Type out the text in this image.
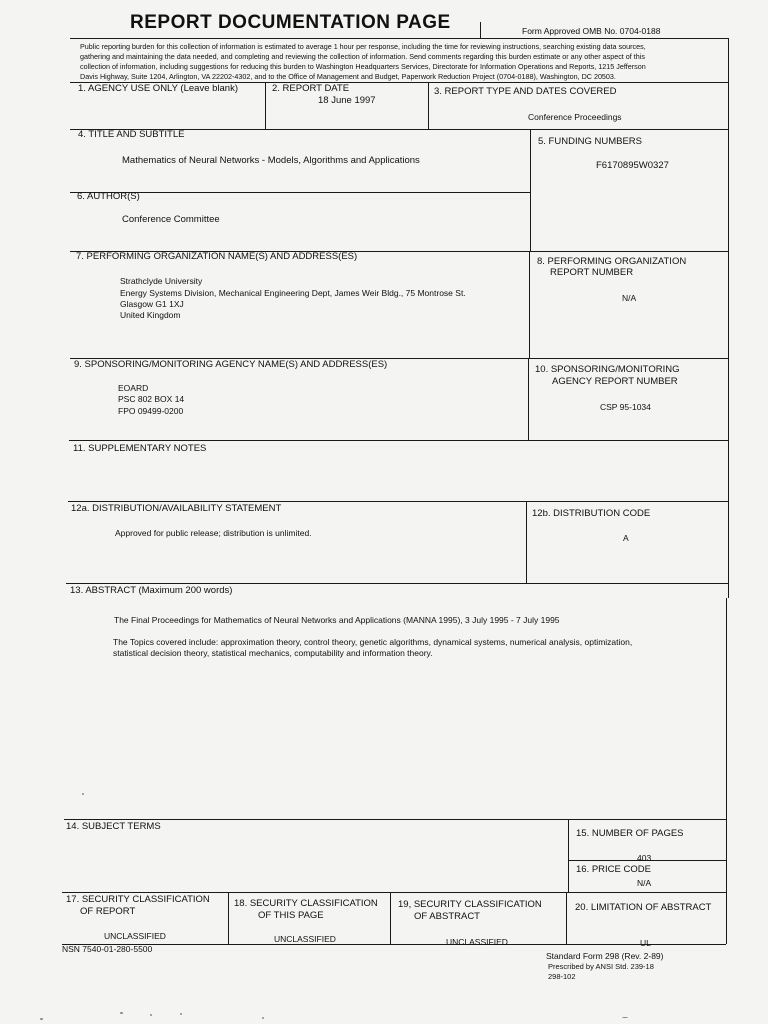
REPORT DOCUMENTATION PAGE	Form Approved OMB No. 0704-0188
Public reporting burden for this collection of information is estimated to average 1 hour per response, including the time for reviewing instructions, searching existing data sources,
gathering and maintaining the data needed, and completing and reviewing the collection of information. Send comments regarding this burden estimate or any other aspect of this
collection of information, including suggestions for reducing this burden to Washington Headquarters Services, Directorate for Information Operations and Reports, 1215 Jefferson
Davis Highway, Suite 1204, Arlington, VA 22202-4302, and to the Office of Management and Budget, Paperwork Reduction Project (0704-0188), Washington, DC 20503.
1. AGENCY USE ONLY (Leave blank)	2. REPORT DATE
18 June 1997
3. REPORT TYPE AND DATES COVERED
Conference Proceedings
4. TITLE AND SUBTITLE
Mathematics of Neural Networks - Models, Algorithms and Applications
5. FUNDING NUMBERS
F6170895W0327
6. AUTHOR(S)
Conference Committee
7. PERFORMING ORGANIZATION NAME(S) AND ADDRESS(ES)
Strathclyde University
Energy Systems Division, Mechanical Engineering Dept, James Weir Bldg., 75 Montrose St.
Glasgow G1 1XJ
United Kingdom
8. PERFORMING ORGANIZATION
REPORT NUMBER
N/A
9. SPONSORING/MONITORING AGENCY NAME(S) AND ADDRESS(ES)
EOARD
PSC 802 BOX 14
FPO 09499-0200
10. SPONSORING/MONITORING
AGENCY REPORT NUMBER
CSP 95-1034
11. SUPPLEMENTARY NOTES
12a. DISTRIBUTION/AVAILABILITY STATEMENT
Approved for public release; distribution is unlimited.
12b. DISTRIBUTION CODE
A
13. ABSTRACT (Maximum 200 words)
The Final Proceedings for Mathematics of Neural Networks and Applications (MANNA 1995), 3 July 1995 - 7 July 1995
The Topics covered include: approximation theory, control theory, genetic algorithms, dynamical systems, numerical analysis, optimization,
statistical decision theory, statistical mechanics, computability and information theory.
14. SUBJECT TERMS
15. NUMBER OF PAGES
403
16. PRICE CODE
N/A
17. SECURITY CLASSIFICATION
OF REPORT
UNCLASSIFIED
18. SECURITY CLASSIFICATION
OF THIS PAGE
UNCLASSIFIED
19, SECURITY CLASSIFICATION
OF ABSTRACT
UNCLASSIFIED
20. LIMITATION OF ABSTRACT
UL
NSN 7540-01-280-5500
Standard Form 298 (Rev. 2-89)
Prescribed by ANSI Std. 239-18
298-102
